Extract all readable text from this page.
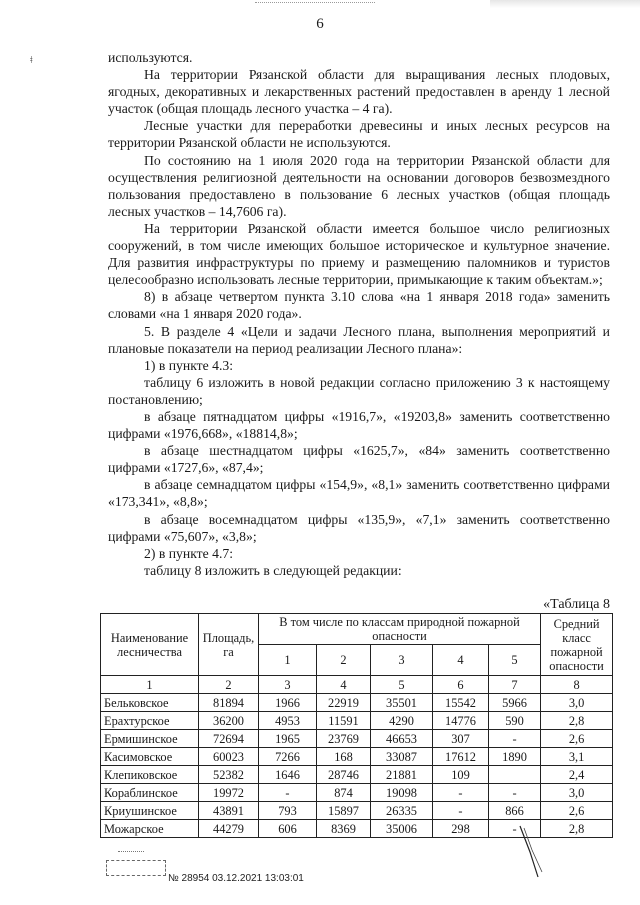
ǂ
6

используются.

На территории Рязанской области для выращивания лесных плодовых, ягодных, декоративных и лекарственных растений предоставлен в аренду 1 лесной участок (общая площадь лесного участка – 4 га).

Лесные участки для переработки древесины и иных лесных ресурсов на территории Рязанской области не используются.

По состоянию на 1 июля 2020 года на территории Рязанской области для осуществления религиозной деятельности на основании договоров безвозмездного пользования предоставлено в пользование 6 лесных участков (общая площадь лесных участков – 14,7606 га).

На территории Рязанской области имеется большое число религиозных сооружений, в том числе имеющих большое историческое и культурное значение. Для развития инфраструктуры по приему и размещению паломников и туристов целесообразно использовать лесные территории, примыкающие к таким объектам.»;

8) в абзаце четвертом пункта 3.10 слова «на 1 января 2018 года» заменить словами «на 1 января 2020 года».

5. В разделе 4 «Цели и задачи Лесного плана, выполнения мероприятий и плановые показатели на период реализации Лесного плана»:

1) в пункте 4.3:

таблицу 6 изложить в новой редакции согласно приложению 3 к настоящему постановлению;

в абзаце пятнадцатом цифры «1916,7», «19203,8» заменить соответственно цифрами «1976,668», «18814,8»;

в абзаце шестнадцатом цифры «1625,7», «84» заменить соответственно цифрами «1727,6», «87,4»;

в абзаце семнадцатом цифры «154,9», «8,1» заменить соответственно цифрами «173,341», «8,8»;

в абзаце восемнадцатом цифры «135,9», «7,1» заменить соответственно цифрами «75,607», «3,8»;

2) в пункте 4.7:

таблицу 8 изложить в следующей редакции:

«Таблица 8
Наименование лесничества	Площадь, га	В том числе по классам природной пожарной опасности					Средний класс пожарной опасности
		1	2	3	4	5	
1	2	3	4	5	6	7	8
Бельковское	81894	1966	22919	35501	15542	5966	3,0
Ерахтурское	36200	4953	11591	4290	14776	590	2,8
Ермишинское	72694	1965	23769	46653	307	-	2,6
Касимовское	60023	7266	168	33087	17612	1890	3,1
Клепиковское	52382	1646	28746	21881	109		2,4
Кораблинское	19972	-	874	19098	-	-	3,0
Криушинское	43891	793	15897	26335	-	866	2,6
Можарское	44279	606	8369	35006	298	-	2,8
№ 28954 03.12.2021 13:03:01
